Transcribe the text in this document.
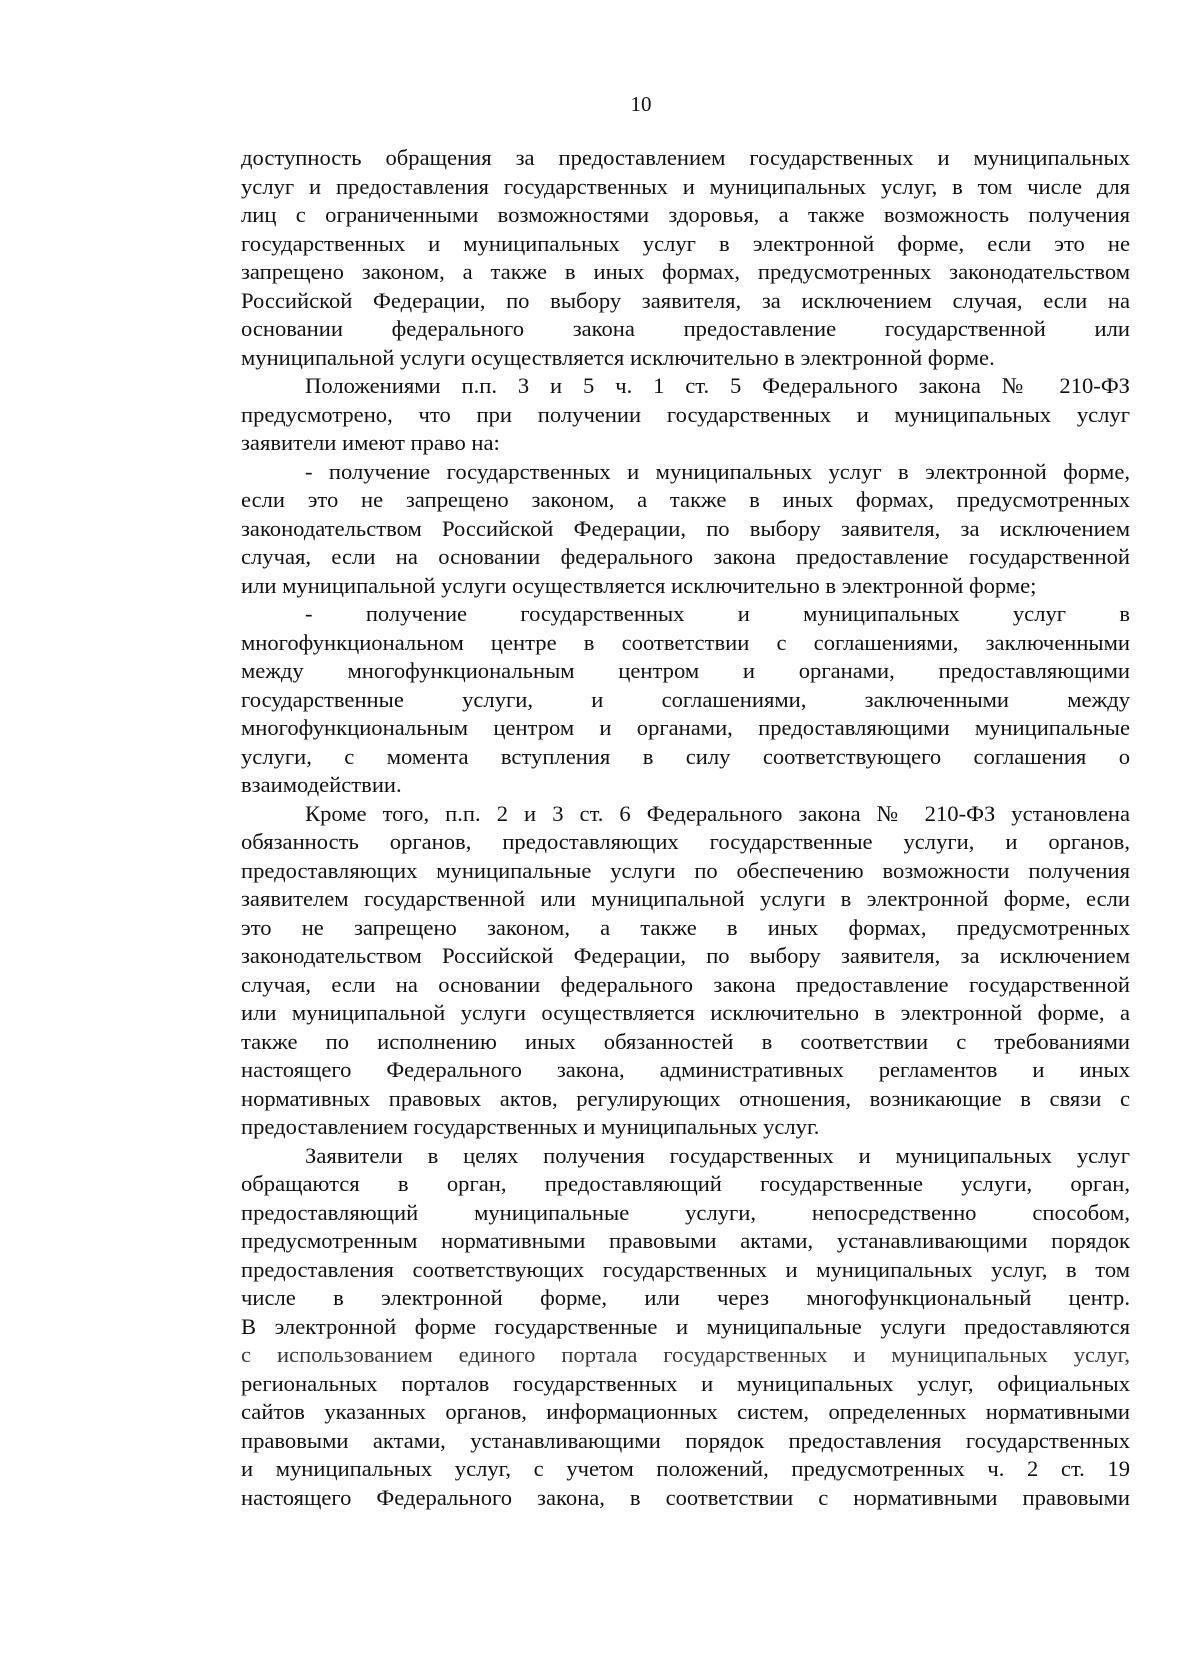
10
доступность обращения за предоставлением государственных и муниципальных
услуг и предоставления государственных и муниципальных услуг, в том числе для
лиц с ограниченными возможностями здоровья, а также возможность получения
государственных и муниципальных услуг в электронной форме, если это не
запрещено законом, а также в иных формах, предусмотренных законодательством
Российской Федерации, по выбору заявителя, за исключением случая, если на
основании федерального закона предоставление государственной или
муниципальной услуги осуществляется исключительно в электронной форме.
Положениями п.п. 3 и 5 ч. 1 ст. 5 Федерального закона № 210-ФЗ
предусмотрено, что при получении государственных и муниципальных услуг
заявители имеют право на:
- получение государственных и муниципальных услуг в электронной форме,
если это не запрещено законом, а также в иных формах, предусмотренных
законодательством Российской Федерации, по выбору заявителя, за исключением
случая, если на основании федерального закона предоставление государственной
или муниципальной услуги осуществляется исключительно в электронной форме;
- получение государственных и муниципальных услуг в
многофункциональном центре в соответствии с соглашениями, заключенными
между многофункциональным центром и органами, предоставляющими
государственные услуги, и соглашениями, заключенными между
многофункциональным центром и органами, предоставляющими муниципальные
услуги, с момента вступления в силу соответствующего соглашения о
взаимодействии.
Кроме того, п.п. 2 и 3 ст. 6 Федерального закона № 210-ФЗ установлена
обязанность органов, предоставляющих государственные услуги, и органов,
предоставляющих муниципальные услуги по обеспечению возможности получения
заявителем государственной или муниципальной услуги в электронной форме, если
это не запрещено законом, а также в иных формах, предусмотренных
законодательством Российской Федерации, по выбору заявителя, за исключением
случая, если на основании федерального закона предоставление государственной
или муниципальной услуги осуществляется исключительно в электронной форме, а
также по исполнению иных обязанностей в соответствии с требованиями
настоящего Федерального закона, административных регламентов и иных
нормативных правовых актов, регулирующих отношения, возникающие в связи с
предоставлением государственных и муниципальных услуг.
Заявители в целях получения государственных и муниципальных услуг
обращаются в орган, предоставляющий государственные услуги, орган,
предоставляющий муниципальные услуги, непосредственно способом,
предусмотренным нормативными правовыми актами, устанавливающими порядок
предоставления соответствующих государственных и муниципальных услуг, в том
числе в электронной форме, или через многофункциональный центр.
В электронной форме государственные и муниципальные услуги предоставляются
с использованием единого портала государственных и муниципальных услуг,
региональных порталов государственных и муниципальных услуг, официальных
сайтов указанных органов, информационных систем, определенных нормативными
правовыми актами, устанавливающими порядок предоставления государственных
и муниципальных услуг, с учетом положений, предусмотренных ч. 2 ст. 19
настоящего Федерального закона, в соответствии с нормативными правовыми
